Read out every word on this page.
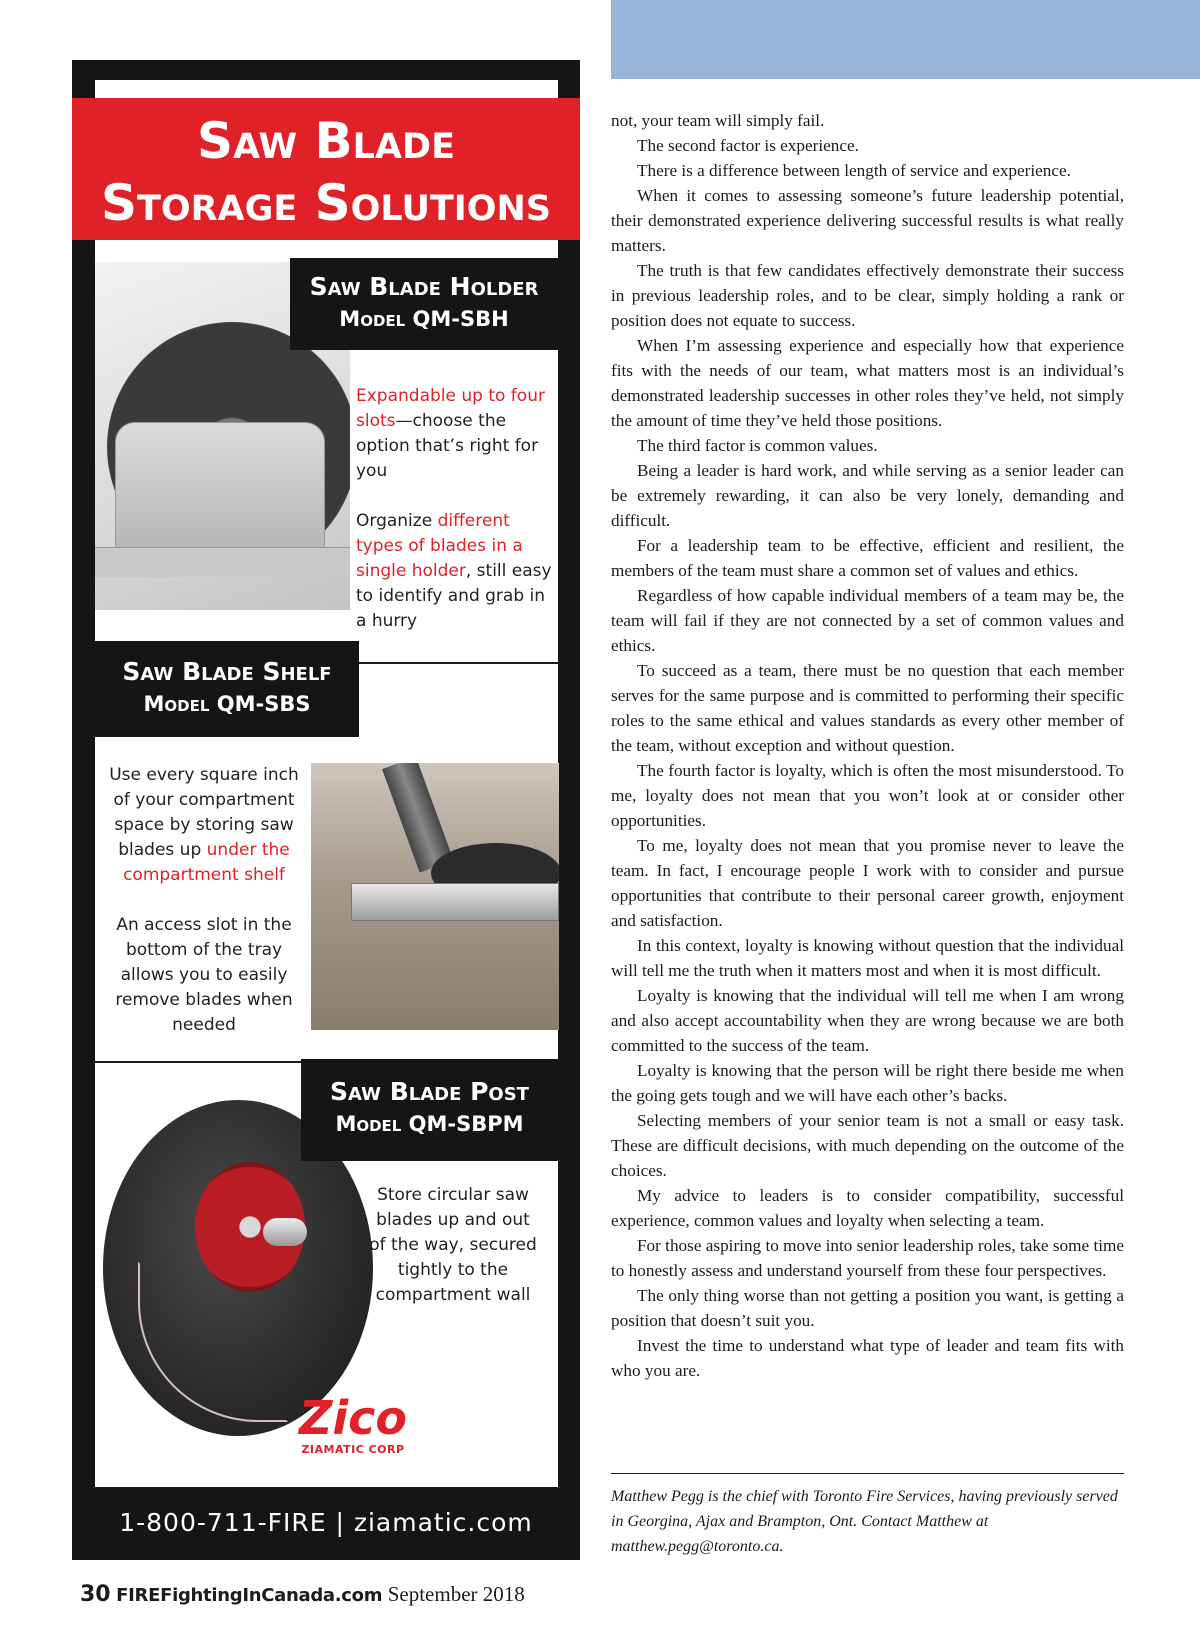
Saw Blade
Storage Solutions
Saw Blade Holder
Model QM-SBH
Expandable up to four slots—choose the option that’s right for you
Organize different types of blades in a single holder, still easy to identify and grab in a hurry
Saw Blade Shelf
Model QM-SBS
Use every square inch of your compartment space by storing saw blades up under the compartment shelf
An access slot in the bottom of the tray allows you to easily remove blades when needed
Saw Blade Post
Model QM-SBPM
Store circular saw blades up and out of the way, secured tightly to the compartment wall
Zico
ZIAMATIC CORP
1-800-711-FIRE | ziamatic.com

not, your team will simply fail.

The second factor is experience.

There is a difference between length of service and experience.

When it comes to assessing someone’s future leadership potential, their demonstrated experience delivering successful results is what really matters.

The truth is that few candidates effectively demonstrate their success in previous leadership roles, and to be clear, simply holding a rank or position does not equate to success.

When I’m assessing experience and especially how that experience fits with the needs of our team, what matters most is an individual’s demonstrated leadership successes in other roles they’ve held, not simply the amount of time they’ve held those positions.

The third factor is common values.

Being a leader is hard work, and while serving as a senior leader can be extremely rewarding, it can also be very lonely, demanding and difficult.

For a leadership team to be effective, efficient and resilient, the members of the team must share a common set of values and ethics.

Regardless of how capable individual members of a team may be, the team will fail if they are not connected by a set of common values and ethics.

To succeed as a team, there must be no question that each member serves for the same purpose and is committed to performing their specific roles to the same ethical and values standards as every other member of the team, without exception and without question.

The fourth factor is loyalty, which is often the most misunderstood. To me, loyalty does not mean that you won’t look at or consider other opportunities.

To me, loyalty does not mean that you promise never to leave the team. In fact, I encourage people I work with to consider and pursue opportunities that contribute to their personal career growth, enjoyment and satisfaction.

In this context, loyalty is knowing without question that the individual will tell me the truth when it matters most and when it is most difficult.

Loyalty is knowing that the individual will tell me when I am wrong and also accept accountability when they are wrong because we are both committed to the success of the team.

Loyalty is knowing that the person will be right there beside me when the going gets tough and we will have each other’s backs.

Selecting members of your senior team is not a small or easy task. These are difficult decisions, with much depending on the outcome of the choices.

My advice to leaders is to consider compatibility, successful experience, common values and loyalty when selecting a team.

For those aspiring to move into senior leadership roles, take some time to honestly assess and understand yourself from these four perspectives.

The only thing worse than not getting a position you want, is getting a position that doesn’t suit you.

Invest the time to understand what type of leader and team fits with who you are.

Matthew Pegg is the chief with Toronto Fire Services, having previously served in Georgina, Ajax and Brampton, Ont. Contact Matthew at matthew.pegg@toronto.ca.
30 FIREFightingInCanada.com September 2018
